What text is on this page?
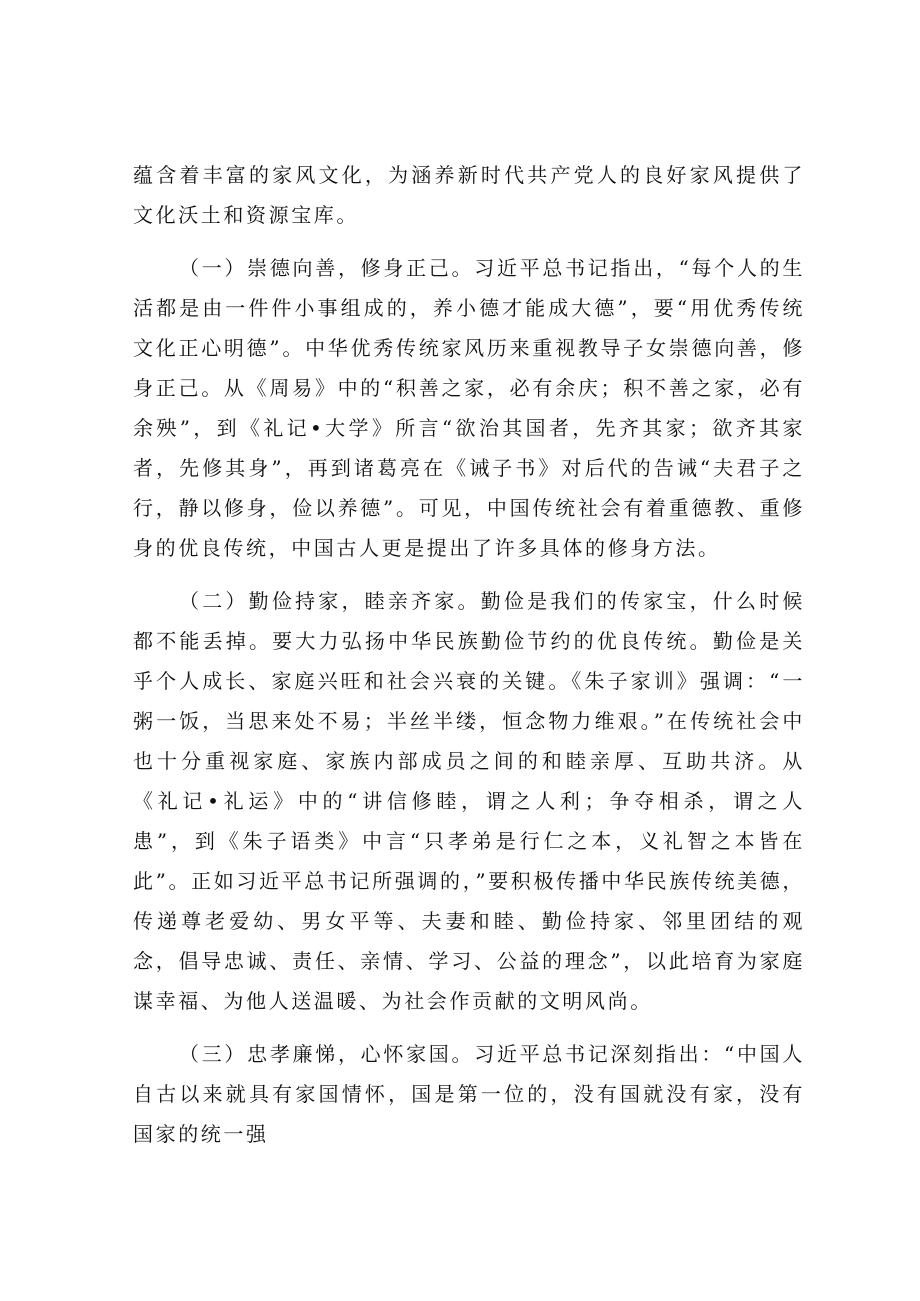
蕴含着丰富的家风文化，为涵养新时代共产党人的良好家风提供了文化沃土和资源宝库。

（一）崇德向善，修身正己。习近平总书记指出，“每个人的生活都是由一件件小事组成的，养小德才能成大德”，要“用优秀传统文化正心明德”。中华优秀传统家风历来重视教导子女崇德向善，修身正己。从《周易》中的“积善之家，必有余庆；积不善之家，必有余殃”，到《礼记•大学》所言“欲治其国者，先齐其家；欲齐其家者，先修其身”，再到诸葛亮在《诫子书》对后代的告诫“夫君子之行，静以修身，俭以养德”。可见，中国传统社会有着重德教、重修身的优良传统，中国古人更是提出了许多具体的修身方法。

（二）勤俭持家，睦亲齐家。勤俭是我们的传家宝，什么时候都不能丢掉。要大力弘扬中华民族勤俭节约的优良传统。勤俭是关乎个人成长、家庭兴旺和社会兴衰的关键。《朱子家训》强调：“一粥一饭，当思来处不易；半丝半缕，恒念物力维艰。”在传统社会中也十分重视家庭、家族内部成员之间的和睦亲厚、互助共济。从《礼记•礼运》中的“讲信修睦，谓之人利；争夺相杀，谓之人患”，到《朱子语类》中言“只孝弟是行仁之本，义礼智之本皆在此”。正如习近平总书记所强调的，”要积极传播中华民族传统美德，传递尊老爱幼、男女平等、夫妻和睦、勤俭持家、邻里团结的观念，倡导忠诚、责任、亲情、学习、公益的理念”，以此培育为家庭谋幸福、为他人送温暖、为社会作贡献的文明风尚。

（三）忠孝廉悌，心怀家国。习近平总书记深刻指出：“中国人自古以来就具有家国情怀，国是第一位的，没有国就没有家，没有国家的统一强
